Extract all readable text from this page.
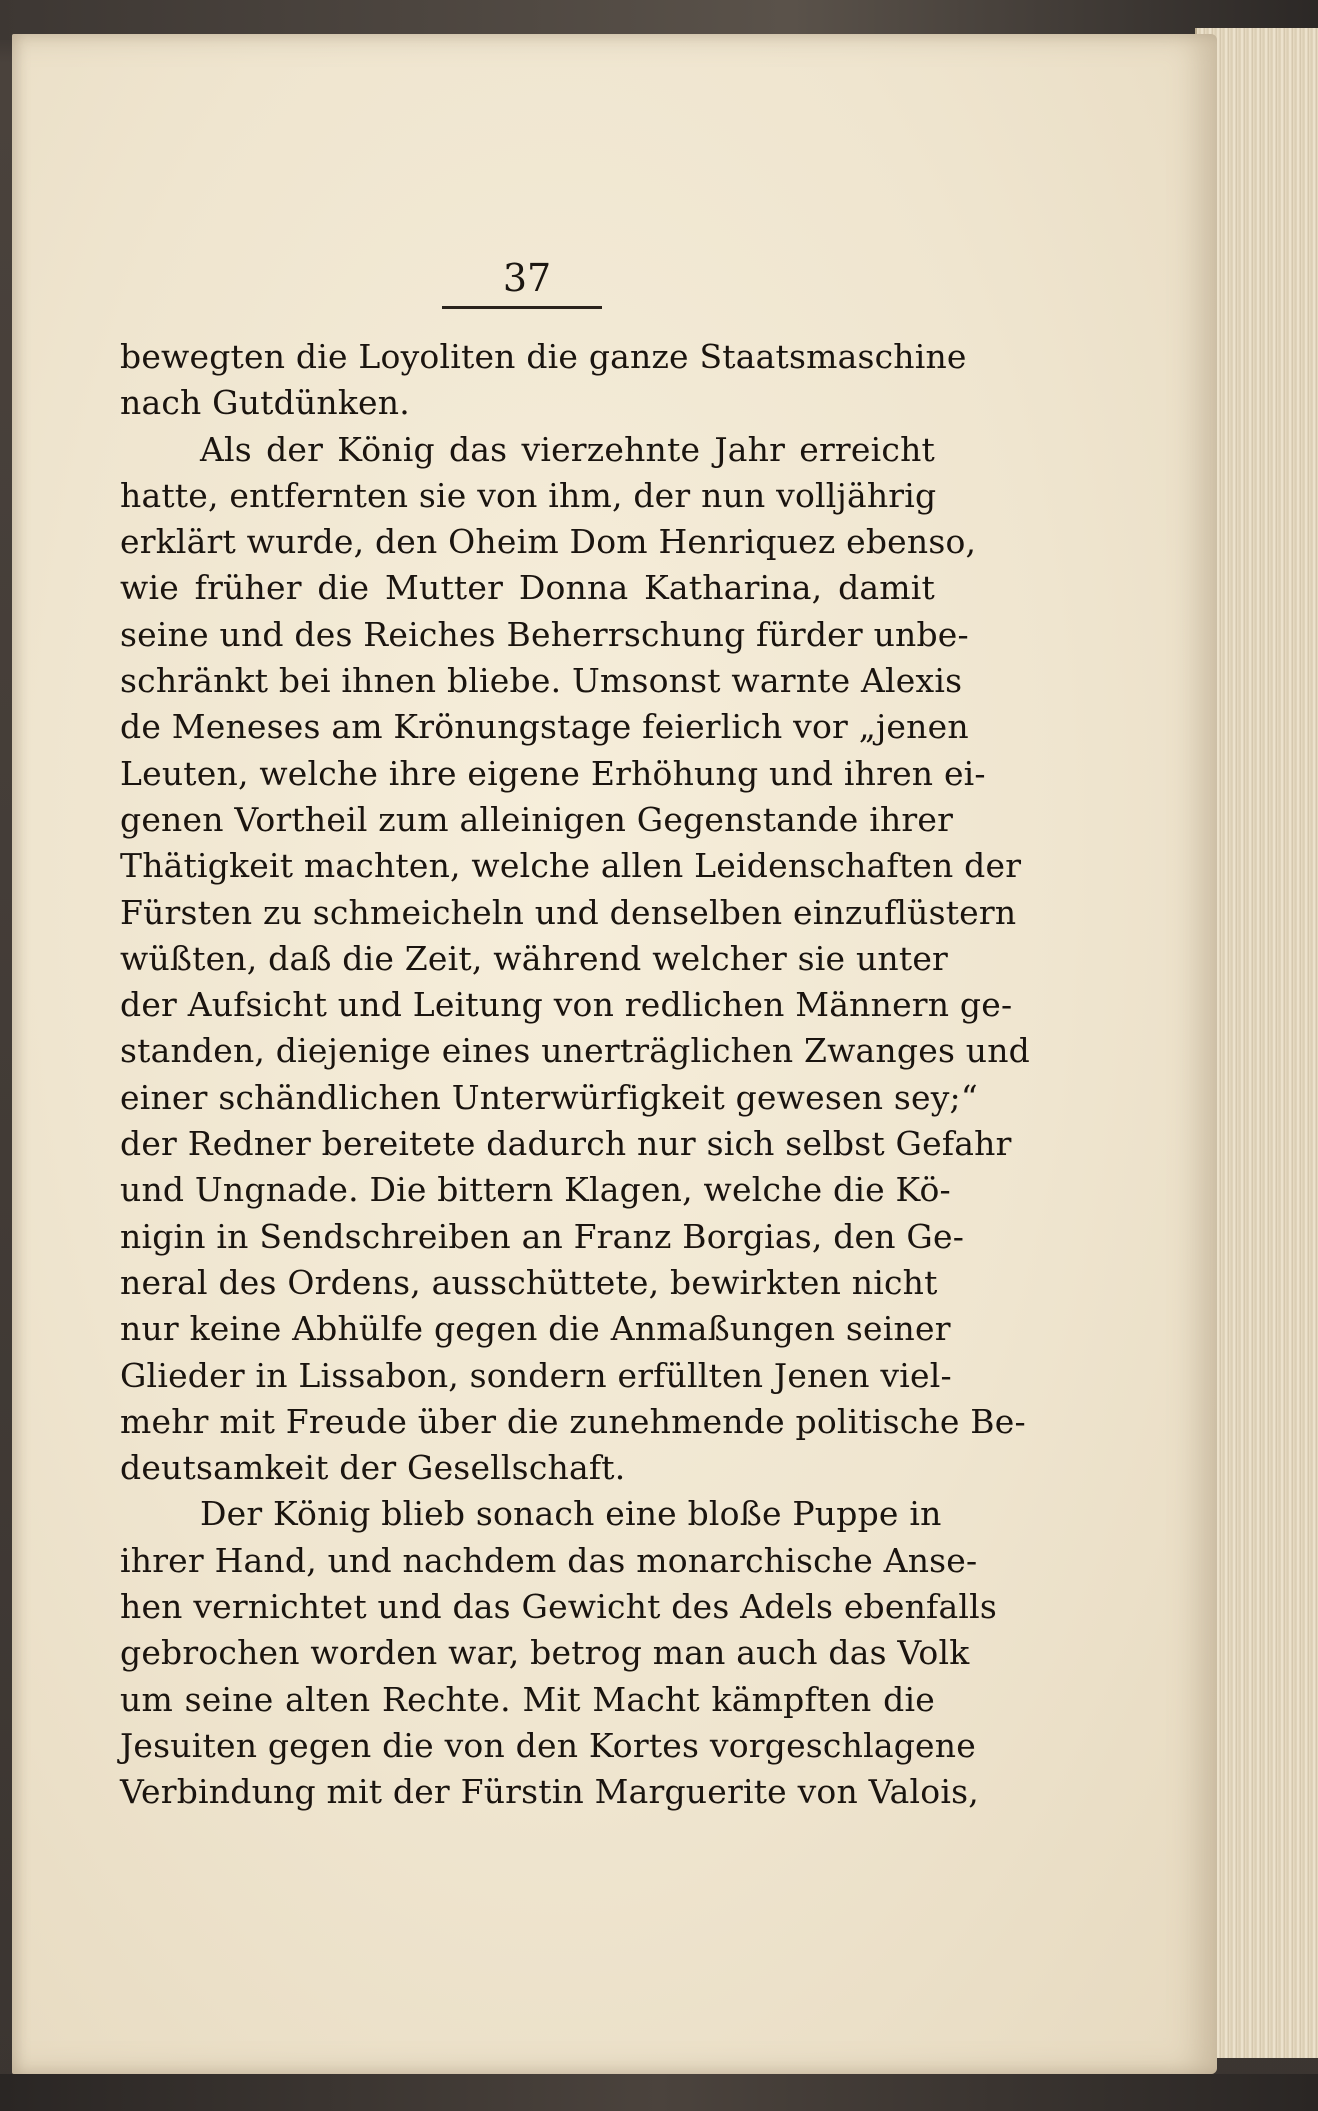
37
bewegten die Loyoliten die ganze Staatsmaschine
nach Gutdünken.
Als der König das vierzehnte Jahr erreicht
hatte, entfernten sie von ihm, der nun volljährig
erklärt wurde, den Oheim Dom Henriquez ebenso,
wie früher die Mutter Donna Katharina, damit
seine und des Reiches Beherrschung fürder unbe-
schränkt bei ihnen bliebe. Umsonst warnte Alexis
de Meneses am Krönungstage feierlich vor „jenen
Leuten, welche ihre eigene Erhöhung und ihren ei-
genen Vortheil zum alleinigen Gegenstande ihrer
Thätigkeit machten, welche allen Leidenschaften der
Fürsten zu schmeicheln und denselben einzuflüstern
wüßten, daß die Zeit, während welcher sie unter
der Aufsicht und Leitung von redlichen Männern ge-
standen, diejenige eines unerträglichen Zwanges und
einer schändlichen Unterwürfigkeit gewesen sey;“
der Redner bereitete dadurch nur sich selbst Gefahr
und Ungnade. Die bittern Klagen, welche die Kö-
nigin in Sendschreiben an Franz Borgias, den Ge-
neral des Ordens, ausschüttete, bewirkten nicht
nur keine Abhülfe gegen die Anmaßungen seiner
Glieder in Lissabon, sondern erfüllten Jenen viel-
mehr mit Freude über die zunehmende politische Be-
deutsamkeit der Gesellschaft.
Der König blieb sonach eine bloße Puppe in
ihrer Hand, und nachdem das monarchische Anse-
hen vernichtet und das Gewicht des Adels ebenfalls
gebrochen worden war, betrog man auch das Volk
um seine alten Rechte. Mit Macht kämpften die
Jesuiten gegen die von den Kortes vorgeschlagene
Verbindung mit der Fürstin Marguerite von Valois,
